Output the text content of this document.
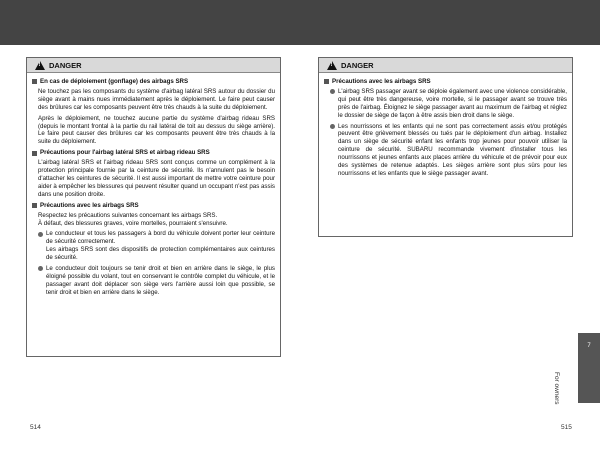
!
DANGER
En cas de déploiement (gonflage) des airbags SRS
Ne touchez pas les composants du système d'airbag latéral SRS autour du dossier du siège avant à mains nues immédiatement après le déploiement. Le faire peut causer des brûlures car les composants peuvent être très chauds à la suite du déploiement.
Après le déploiement, ne touchez aucune partie du système d'airbag rideau SRS (depuis le montant frontal à la partie du rail latéral de toit au dessus du siège arrière). Le faire peut causer des brûlures car les composants peuvent être très chauds à la suite du déploiement.
Précautions pour l'airbag latéral SRS et airbag rideau SRS
L'airbag latéral SRS et l'airbag rideau SRS sont conçus comme un complément à la protection principale fournie par la ceinture de sécurité. Ils n'annulent pas le besoin d'attacher les ceintures de sécurité. Il est aussi important de mettre votre ceinture pour aider à empêcher les blessures qui peuvent résulter quand un occupant n'est pas assis dans une position droite.
Précautions avec les airbags SRS
Respectez les précautions suivantes concernant les airbags SRS.
À défaut, des blessures graves, voire mortelles, pourraient s'ensuivre.
Le conducteur et tous les passagers à bord du véhicule doivent porter leur ceinture de sécurité correctement.
Les airbags SRS sont des dispositifs de protection complémentaires aux ceintures de sécurité.
Le conducteur doit toujours se tenir droit et bien en arrière dans le siège, le plus éloigné possible du volant, tout en conservant le contrôle complet du véhicule, et le passager avant doit déplacer son siège vers l'arrière aussi loin que possible, se tenir droit et bien en arrière dans le siège.
!
DANGER
Précautions avec les airbags SRS
L'airbag SRS passager avant se déploie également avec une violence considérable, qui peut être très dangereuse, voire mortelle, si le passager avant se trouve très près de l'airbag. Éloignez le siège passager avant au maximum de l'airbag et réglez le dossier de siège de façon à être assis bien droit dans le siège.
Les nourrissons et les enfants qui ne sont pas correctement assis et/ou protégés peuvent être grièvement blessés ou tués par le déploiement d'un airbag. Installez dans un siège de sécurité enfant les enfants trop jeunes pour pouvoir utiliser la ceinture de sécurité. SUBARU recommande vivement d'installer tous les nourrissons et jeunes enfants aux places arrière du véhicule et de prévoir pour eux des systèmes de retenue adaptés. Les sièges arrière sont plus sûrs pour les nourrissons et les enfants que le siège passager avant.
7
For owners
514	515
